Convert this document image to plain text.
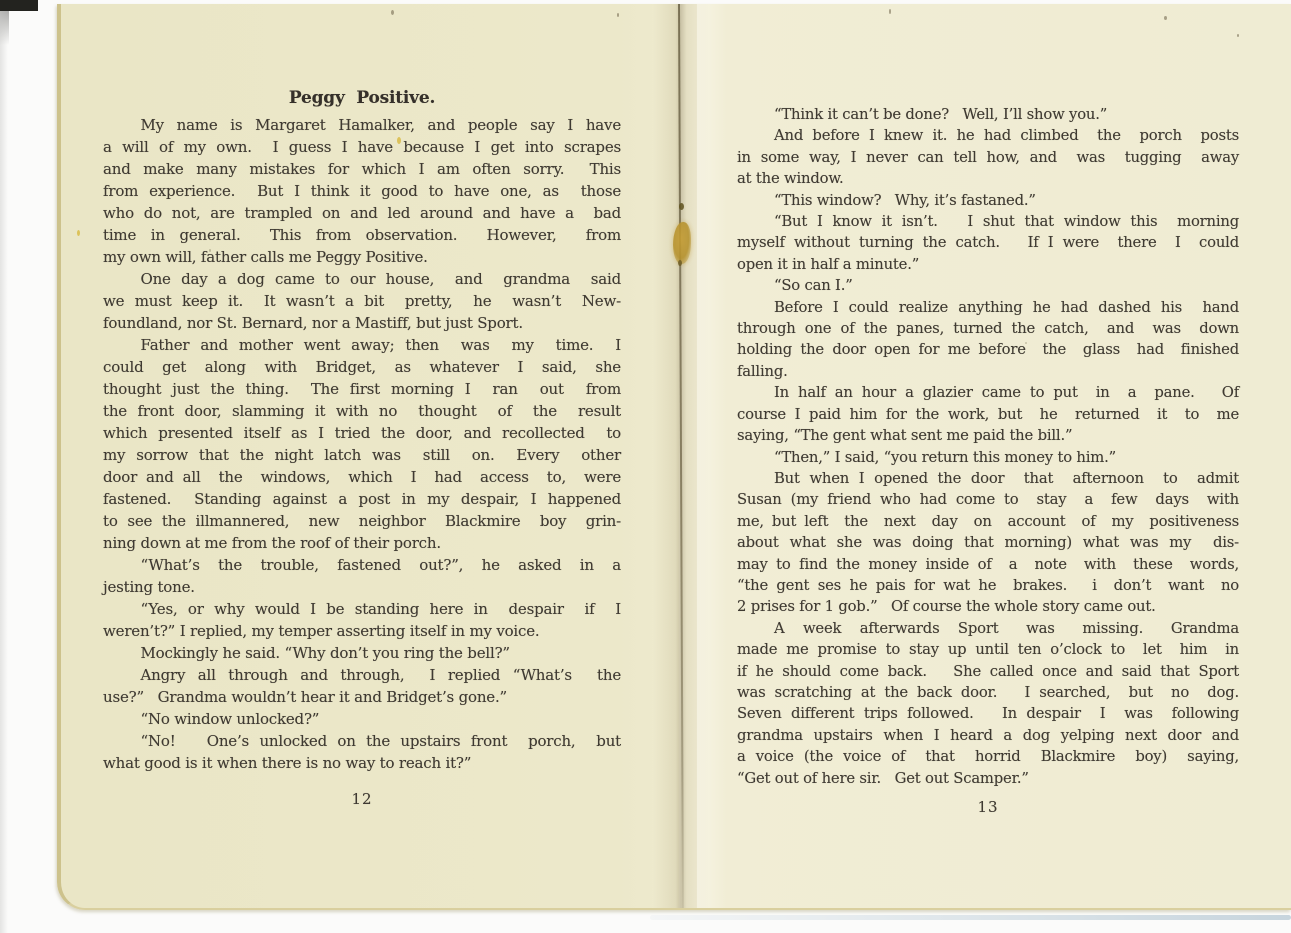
Peggy Positive.

My name is Margaret Hamalker, and people say I have
a will of my own.  I guess I have because I get into scrapes
and make many mistakes for which I am often sorry.  This
from experience.  But I think it good to have one, as  those
who do not, are trampled on and led around and have a  bad
time in general.  This from observation.  However,  from
my own will, father calls me Peggy Positive.

One day a dog came to our house,  and  grandma  said
we must keep it.  It wasn’t a bit  pretty,  he  wasn’t  New-
foundland, nor St. Bernard, nor a Mastiff, but just Sport.

Father and mother went away; then  was  my  time.  I
could  get  along  with  Bridget,  as  whatever  I  said,  she
thought just the thing.  The first morning I  ran  out  from
the front door, slamming it with no  thought  of  the  result
which presented itself as I tried the door, and recollected  to
my sorrow that the night latch was  still  on.  Every  other
door and all  the  windows,  which  I  had  access  to,  were
fastened.  Standing against a post in my despair, I happened
to see the illmannered,  new  neighbor  Blackmire  boy  grin-
ning down at me from the roof of their porch.

“What’s  the  trouble,  fastened  out?”,  he  asked  in  a
jesting tone.

“Yes, or why would I be standing here in  despair  if  I
weren’t?” I replied, my temper asserting itself in my voice.

Mockingly he said. “Why don’t you ring the bell?”

Angry all through and through,  I replied “What’s  the
use?”   Grandma wouldn’t hear it and Bridget’s gone.”

“No window unlocked?”

“No!   One’s unlocked on the upstairs front  porch,  but
what good is it when there is no way to reach it?”

12

“Think it can’t be done?   Well, I’ll show you.”

And before I knew it. he had climbed  the  porch  posts
in some way, I never can tell how, and  was  tugging  away
at the window.

“This window?   Why, it’s fastaned.”

“But I know it isn’t.   I shut that window this  morning
myself without turning the catch.   If I were  there  I  could
open it in half a minute.”

“So can I.”

Before I could realize anything he had dashed his  hand
through one of the panes, turned the catch,  and  was  down
holding the door open for me before  the  glass  had  finished
falling.

In half an hour a glazier came to put  in  a  pane.   Of
course I paid him for the work, but  he  returned  it  to  me
saying, “The gent what sent me paid the bill.”

“Then,” I said, “you return this money to him.”

But when I opened the door  that  afternoon  to  admit
Susan (my friend who had come to  stay  a  few  days  with
me, but left  the  next  day  on  account  of  my  positiveness
about what she was doing that morning) what was my  dis-
may to find the money inside of  a  note  with  these  words,
“the gent ses he pais for wat he  brakes.   i  don’t  want  no
2 prises for 1 gob.”   Of course the whole story came out.

A  week  afterwards  Sport   was   missing.   Grandma
made me promise to stay up until ten o’clock to  let  him  in
if he should come back.   She called once and said that Sport
was scratching at the back door.   I searched,  but  no  dog.
Seven different trips followed.   In despair  I  was  following
grandma upstairs when I heard a dog yelping next door and
a voice (the voice of  that  horrid  Blackmire  boy)  saying,
“Get out of here sir.   Get out Scamper.”

13
